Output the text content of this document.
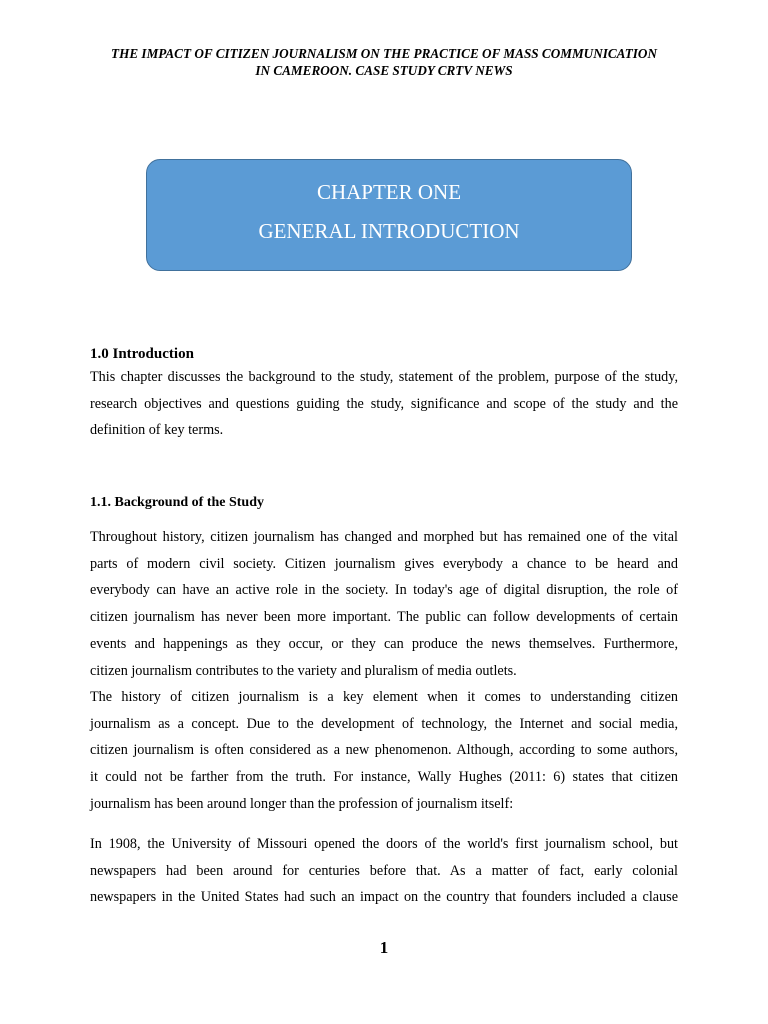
THE IMPACT OF CITIZEN JOURNALISM ON THE PRACTICE OF MASS COMMUNICATION
IN CAMEROON. CASE STUDY CRTV NEWS
CHAPTER ONE
GENERAL INTRODUCTION
1.0 Introduction
This chapter discusses the background to the study, statement of the problem, purpose of the study,
research objectives and questions guiding the study, significance and scope of the study and the
definition of key terms.
1.1. Background of the Study
Throughout history, citizen journalism has changed and morphed but has remained one of the vital
parts of modern civil society. Citizen journalism gives everybody a chance to be heard and
everybody can have an active role in the society. In today's age of digital disruption, the role of
citizen journalism has never been more important. The public can follow developments of certain
events and happenings as they occur, or they can produce the news themselves. Furthermore,
citizen journalism contributes to the variety and pluralism of media outlets.
The history of citizen journalism is a key element when it comes to understanding citizen
journalism as a concept. Due to the development of technology, the Internet and social media,
citizen journalism is often considered as a new phenomenon. Although, according to some authors,
it could not be farther from the truth. For instance, Wally Hughes (2011: 6) states that citizen
journalism has been around longer than the profession of journalism itself:
In 1908, the University of Missouri opened the doors of the world's first journalism school, but
newspapers had been around for centuries before that. As a matter of fact, early colonial
newspapers in the United States had such an impact on the country that founders included a clause
1
